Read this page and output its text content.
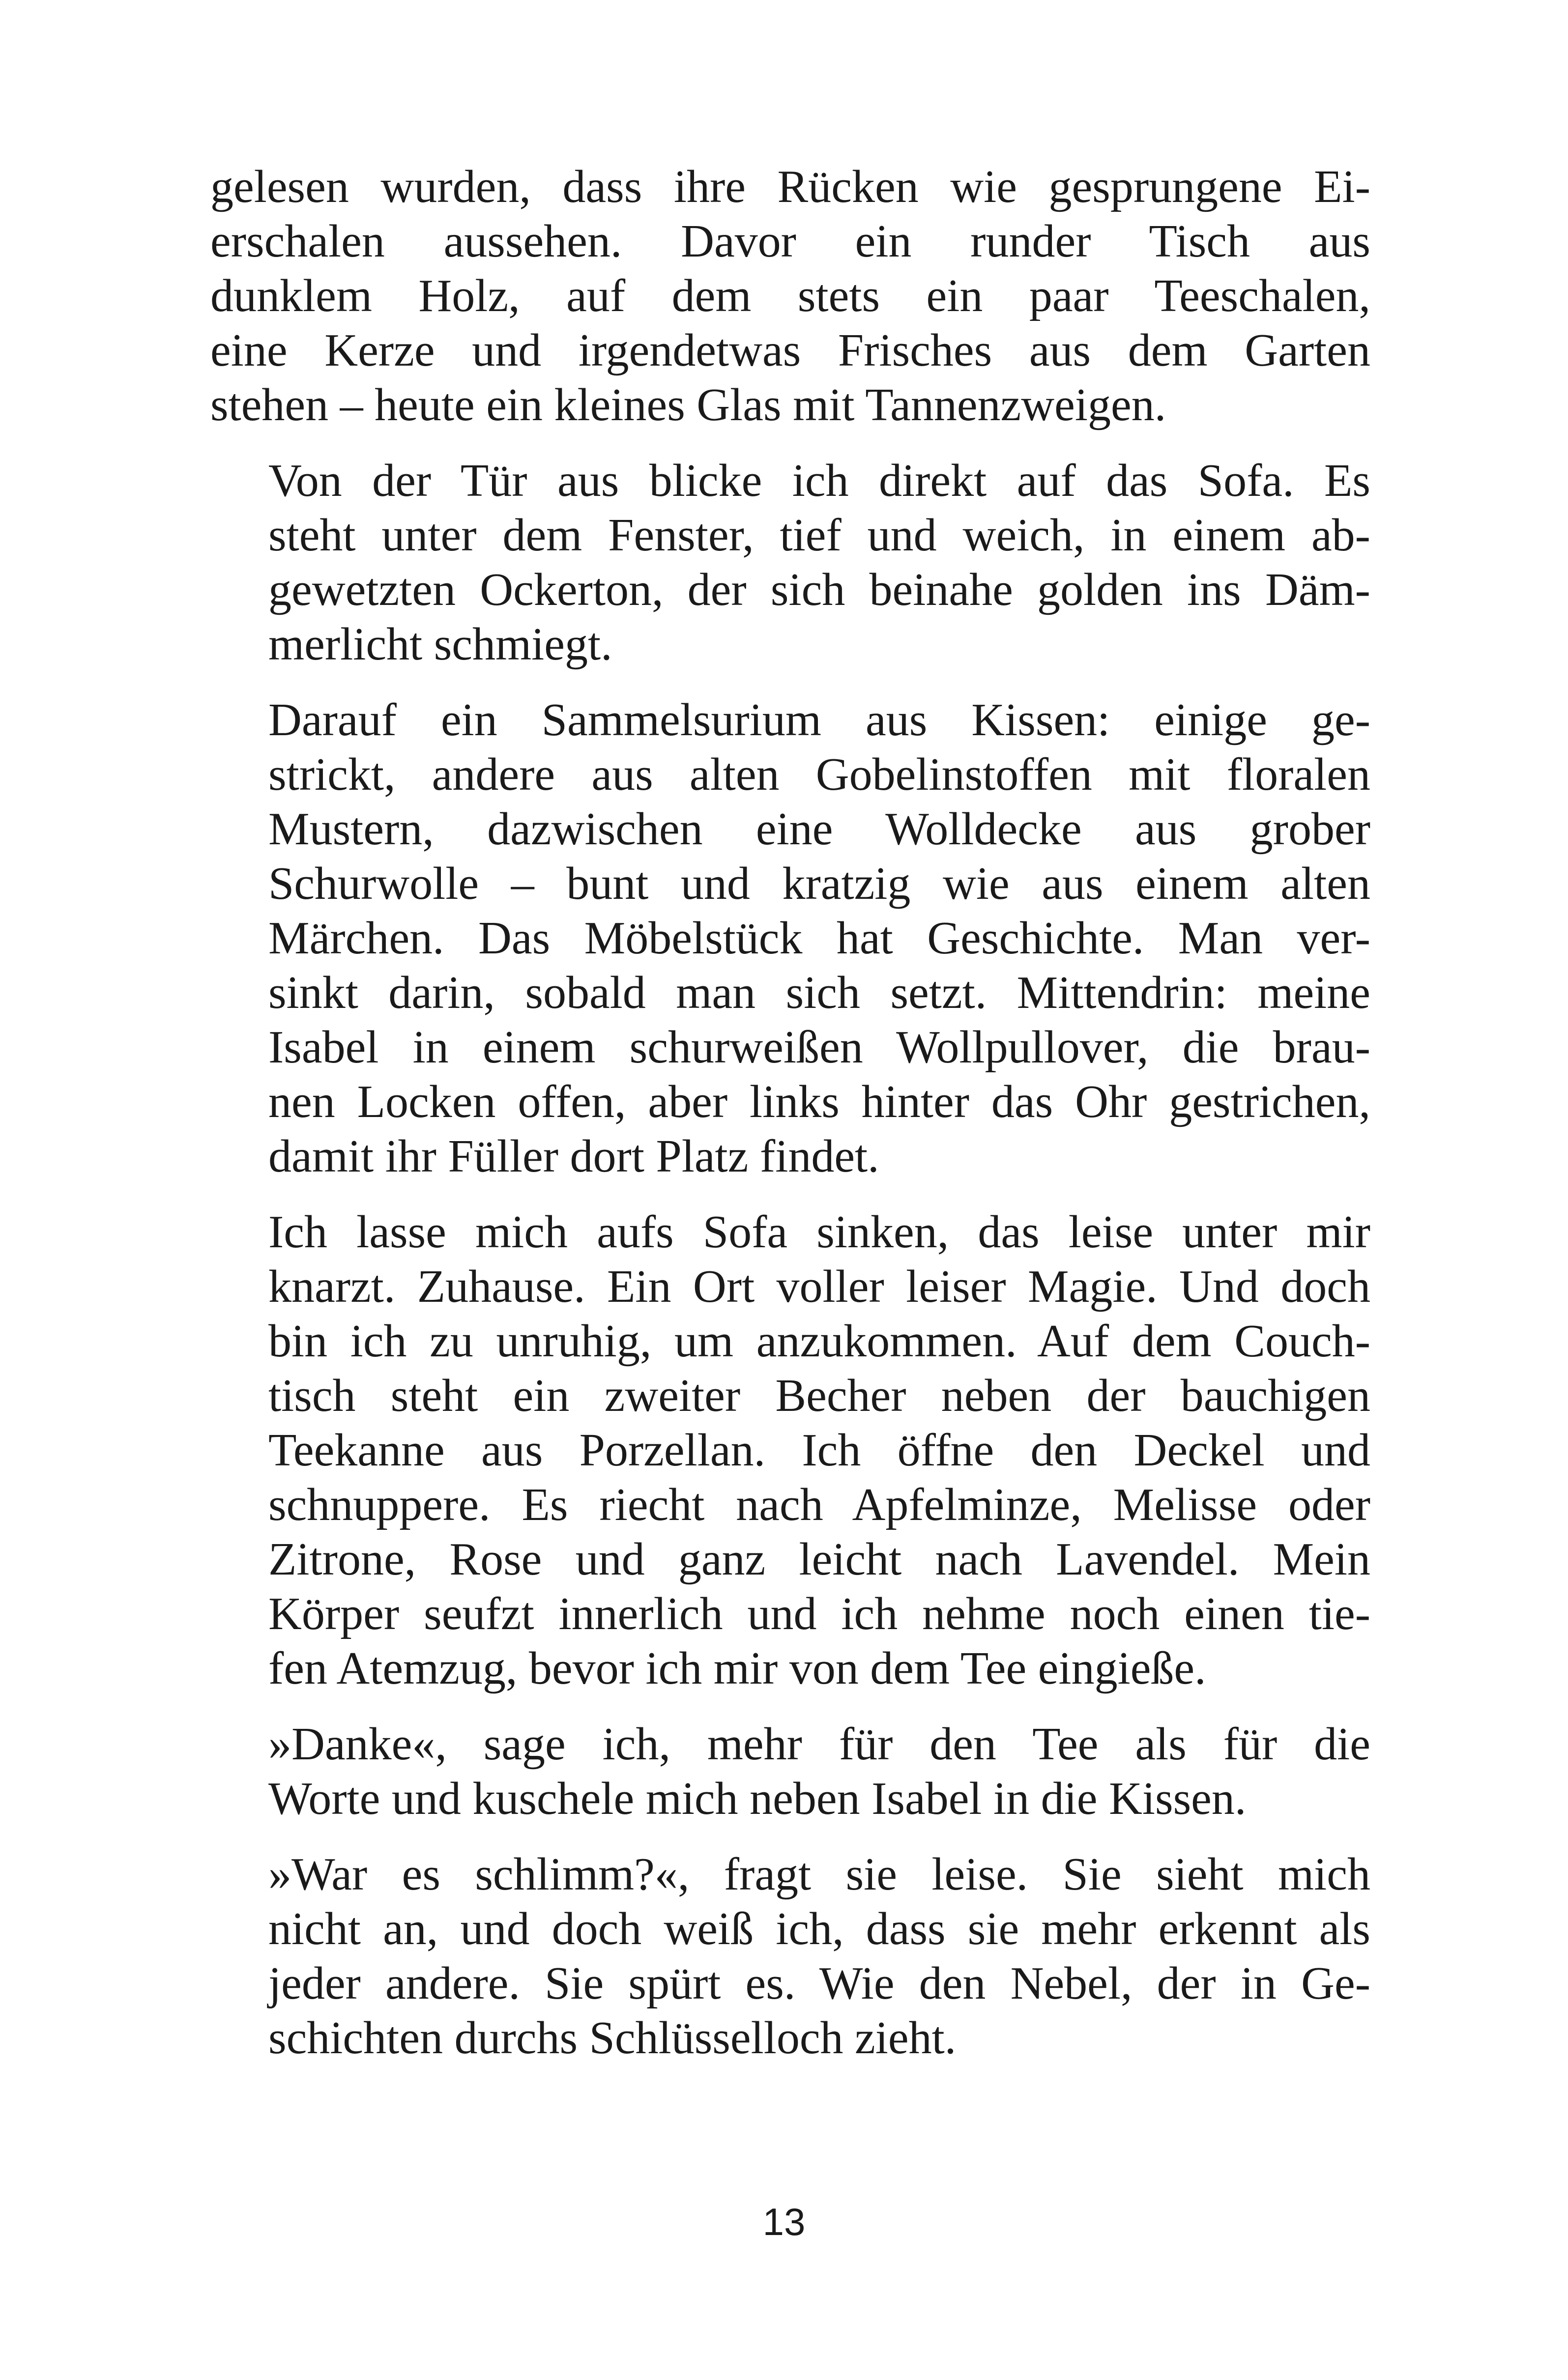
gelesen wurden, dass ihre Rücken wie gesprungene Ei-
erschalen aussehen. Davor ein runder Tisch aus
dunklem Holz, auf dem stets ein paar Teeschalen,
eine Kerze und irgendetwas Frisches aus dem Garten
stehen – heute ein kleines Glas mit Tannenzweigen.

Von der Tür aus blicke ich direkt auf das Sofa. Es
steht unter dem Fenster, tief und weich, in einem ab-
gewetzten Ockerton, der sich beinahe golden ins Däm-
merlicht schmiegt.

Darauf ein Sammelsurium aus Kissen: einige ge-
strickt, andere aus alten Gobelinstoffen mit floralen
Mustern, dazwischen eine Wolldecke aus grober
Schurwolle – bunt und kratzig wie aus einem alten
Märchen. Das Möbelstück hat Geschichte. Man ver-
sinkt darin, sobald man sich setzt. Mittendrin: meine
Isabel in einem schurweißen Wollpullover, die brau-
nen Locken offen, aber links hinter das Ohr gestrichen,
damit ihr Füller dort Platz findet.

Ich lasse mich aufs Sofa sinken, das leise unter mir
knarzt. Zuhause. Ein Ort voller leiser Magie. Und doch
bin ich zu unruhig, um anzukommen. Auf dem Couch-
tisch steht ein zweiter Becher neben der bauchigen
Teekanne aus Porzellan. Ich öffne den Deckel und
schnuppere. Es riecht nach Apfelminze, Melisse oder
Zitrone, Rose und ganz leicht nach Lavendel. Mein
Körper seufzt innerlich und ich nehme noch einen tie-
fen Atemzug, bevor ich mir von dem Tee eingieße.

»Danke«, sage ich, mehr für den Tee als für die
Worte und kuschele mich neben Isabel in die Kissen.

»War es schlimm?«, fragt sie leise. Sie sieht mich
nicht an, und doch weiß ich, dass sie mehr erkennt als
jeder andere. Sie spürt es. Wie den Nebel, der in Ge-
schichten durchs Schlüsselloch zieht.

13
